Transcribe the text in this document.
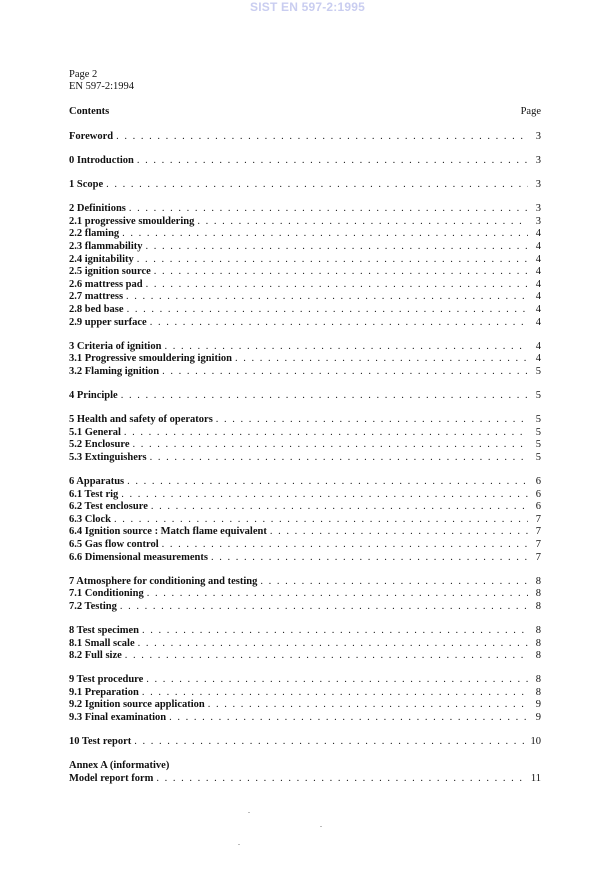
SIST EN 597-2:1995
Page 2
EN 597-2:1994
Contents	Page
Foreword . . .	3
0 Introduction . . .	3
1 Scope . . .	3
2 Definitions . . .	3
2.1 progressive smouldering . . .	3
2.2 flaming . . .	4
2.3 flammability . . .	4
2.4 ignitability . . .	4
2.5 ignition source . . .	4
2.6 mattress pad . . .	4
2.7 mattress . . .	4
2.8 bed base . . .	4
2.9 upper surface . . .	4
3 Criteria of ignition . . .	4
3.1 Progressive smouldering ignition . . .	4
3.2 Flaming ignition . . .	5
4 Principle . . .	5
5 Health and safety of operators . . .	5
5.1 General . . .	5
5.2 Enclosure . . .	5
5.3 Extinguishers . . .	5
6 Apparatus . . .	6
6.1 Test rig . . .	6
6.2 Test enclosure . . .	6
6.3 Clock . . .	7
6.4 Ignition source : Match flame equivalent . . .	7
6.5 Gas flow control . . .	7
6.6 Dimensional measurements . . .	7
7 Atmosphere for conditioning and testing . . .	8
7.1 Conditioning . . .	8
7.2 Testing . . .	8
8 Test specimen . . .	8
8.1 Small scale . . .	8
8.2 Full size . . .	8
9 Test procedure . . .	8
9.1 Preparation . . .	8
9.2 Ignition source application . . .	9
9.3 Final examination . . .	9
10 Test report . . .	10
Annex A (informative)
Model report form . . .	11
